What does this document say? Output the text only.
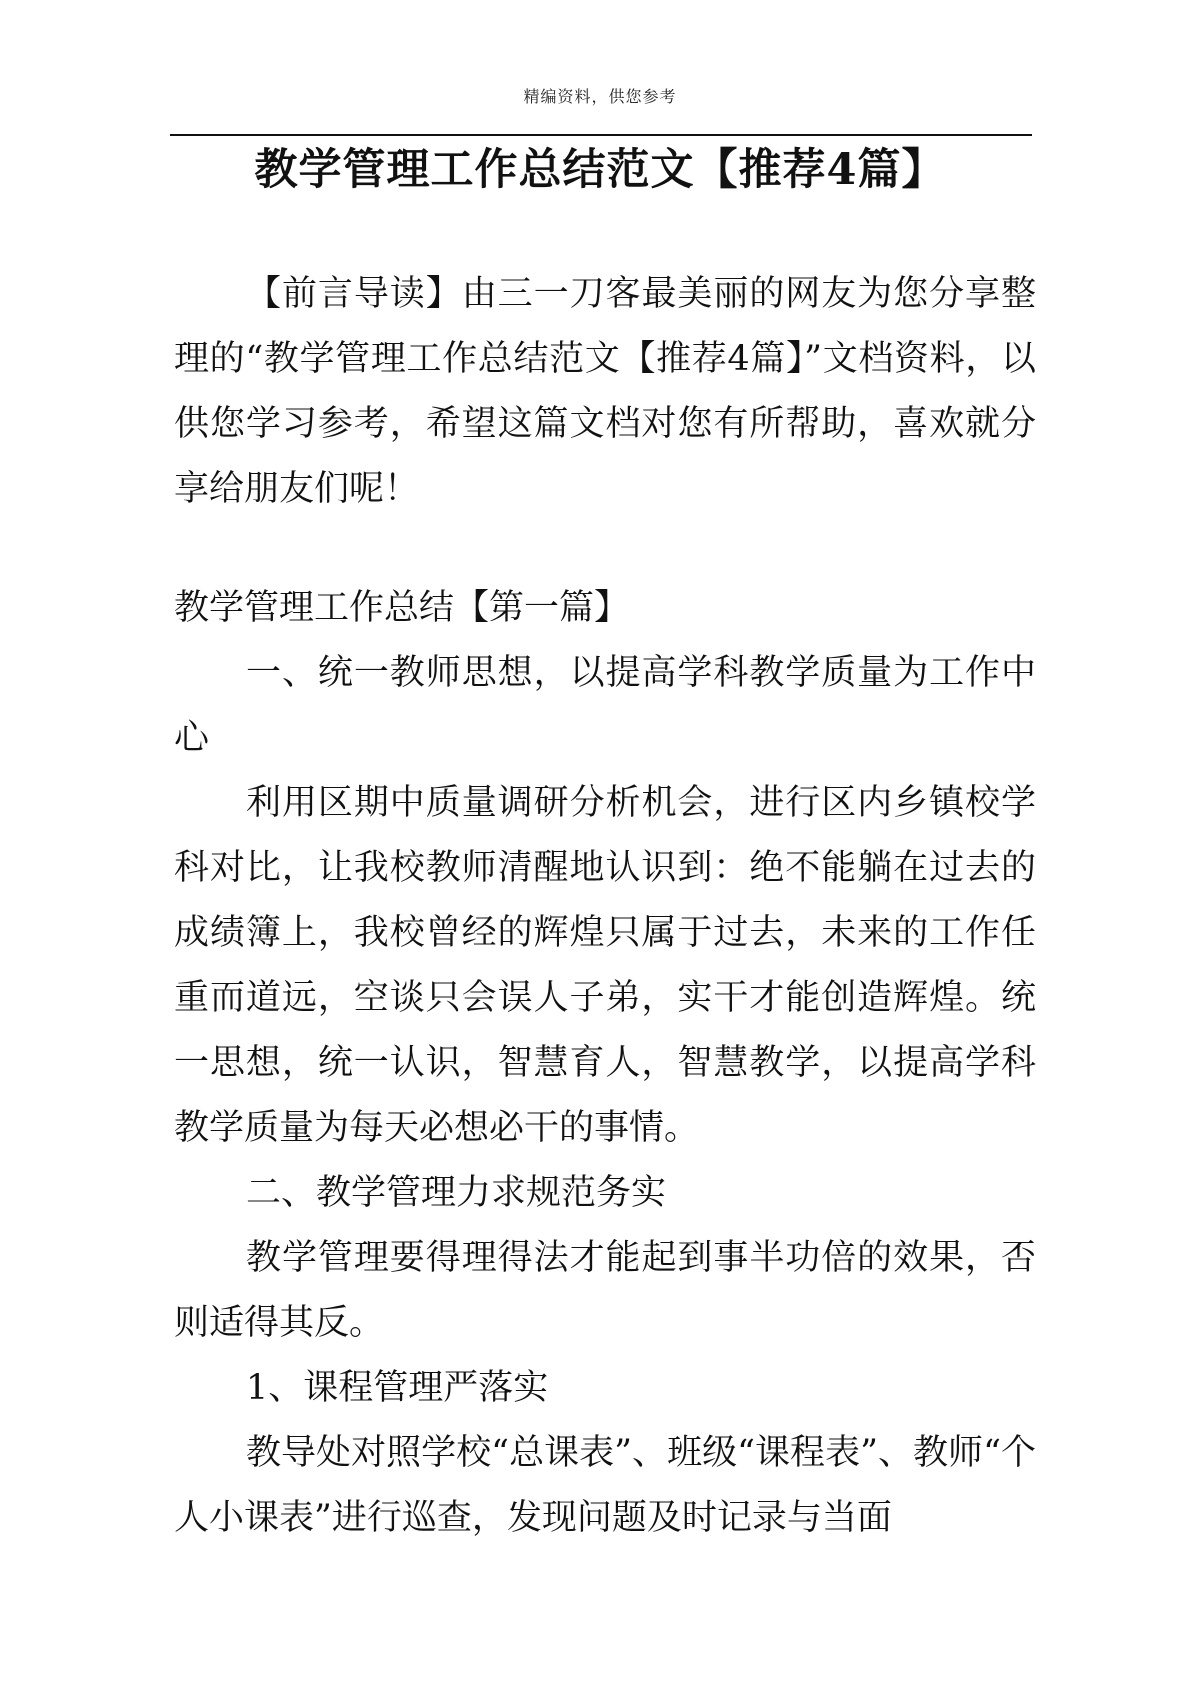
精编资料，供您参考
教学管理工作总结范文【推荐4篇】

【前言导读】由三一刀客最美丽的网友为您分享整理的“教学管理工作总结范文【推荐4篇】”文档资料，以供您学习参考，希望这篇文档对您有所帮助，喜欢就分享给朋友们呢！

教学管理工作总结【第一篇】

一、统一教师思想，以提高学科教学质量为工作中心

利用区期中质量调研分析机会，进行区内乡镇校学科对比，让我校教师清醒地认识到：绝不能躺在过去的成绩簿上，我校曾经的辉煌只属于过去，未来的工作任重而道远，空谈只会误人子弟，实干才能创造辉煌。统一思想，统一认识，智慧育人，智慧教学，以提高学科教学质量为每天必想必干的事情。

二、教学管理力求规范务实

教学管理要得理得法才能起到事半功倍的效果，否则适得其反。

1、课程管理严落实

教导处对照学校“总课表”、班级“课程表”、教师“个人小课表”进行巡查，发现问题及时记录与当面
